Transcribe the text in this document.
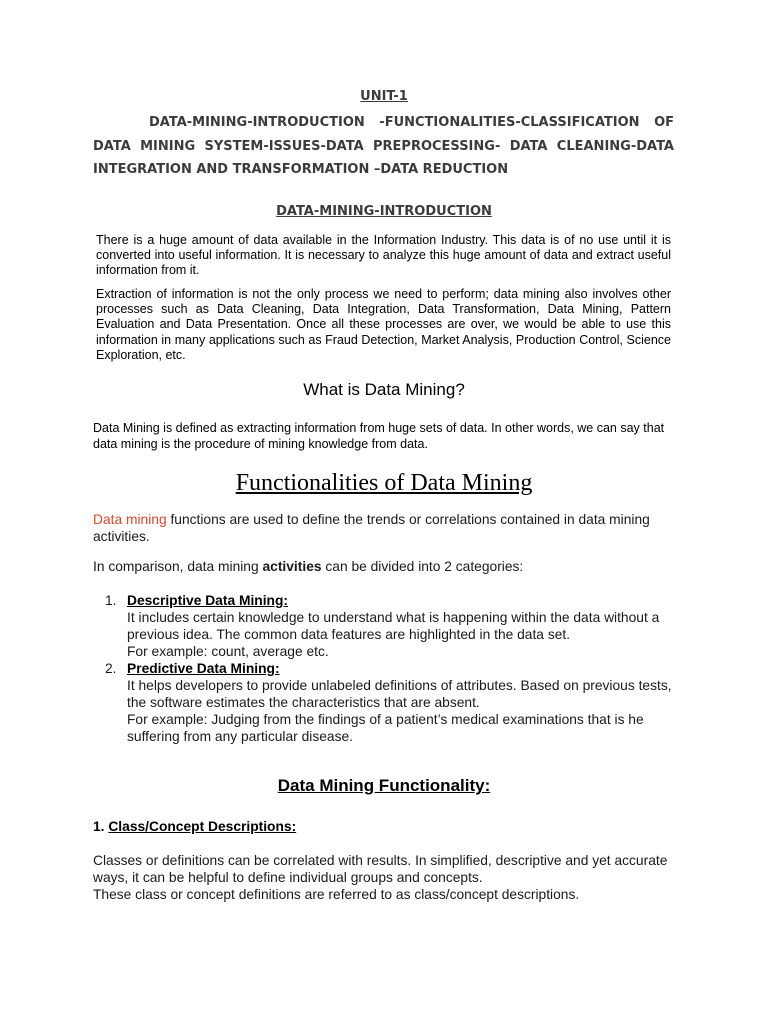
UNIT-1

DATA-MINING-INTRODUCTION -FUNCTIONALITIES-CLASSIFICATION OF DATA MINING SYSTEM-ISSUES-DATA PREPROCESSING- DATA CLEANING-DATA INTEGRATION AND TRANSFORMATION –DATA REDUCTION

DATA-MINING-INTRODUCTION

There is a huge amount of data available in the Information Industry. This data is of no use until it is converted into useful information. It is necessary to analyze this huge amount of data and extract useful information from it.

Extraction of information is not the only process we need to perform; data mining also involves other processes such as Data Cleaning, Data Integration, Data Transformation, Data Mining, Pattern Evaluation and Data Presentation. Once all these processes are over, we would be able to use this information in many applications such as Fraud Detection, Market Analysis, Production Control, Science Exploration, etc.

What is Data Mining?

Data Mining is defined as extracting information from huge sets of data. In other words, we can say that data mining is the procedure of mining knowledge from data.

Functionalities of Data Mining

Data mining functions are used to define the trends or correlations contained in data mining activities.

In comparison, data mining activities can be divided into 2 categories:

1. Descriptive Data Mining:
It includes certain knowledge to understand what is happening within the data without a previous idea. The common data features are highlighted in the data set.
For example: count, average etc.
2. Predictive Data Mining:
It helps developers to provide unlabeled definitions of attributes. Based on previous tests, the software estimates the characteristics that are absent.
For example: Judging from the findings of a patient’s medical examinations that is he suffering from any particular disease.
Data Mining Functionality:

1. Class/Concept Descriptions:

Classes or definitions can be correlated with results. In simplified, descriptive and yet accurate ways, it can be helpful to define individual groups and concepts.
These class or concept definitions are referred to as class/concept descriptions.
